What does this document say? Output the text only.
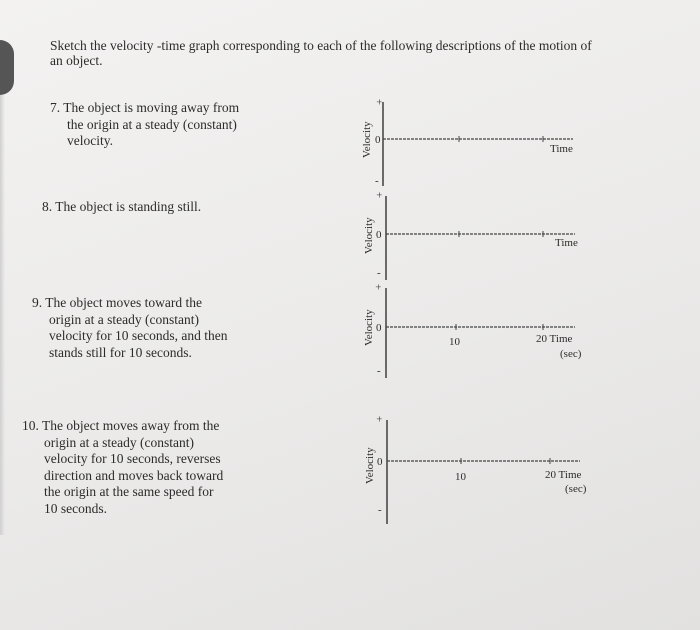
Sketch the velocity -time graph corresponding to each of the following descriptions of the motion of
an object.
7. The object is moving away from
the origin at a steady (constant)
velocity.
8. The object is standing still.
9. The object moves toward the
origin at a steady (constant)
velocity for 10 seconds, and then
stands still for 10 seconds.
10. The object moves away from the
origin at a steady (constant)
velocity for 10 seconds, reverses
direction and moves back toward
the origin at the same speed for
10 seconds.
+
0
-
Velocity	Time
+
0
-
Velocity	Time
+
0
-
Velocity	10	20 Time
(sec)
+
0
-
Velocity	10	20 Time
(sec)
